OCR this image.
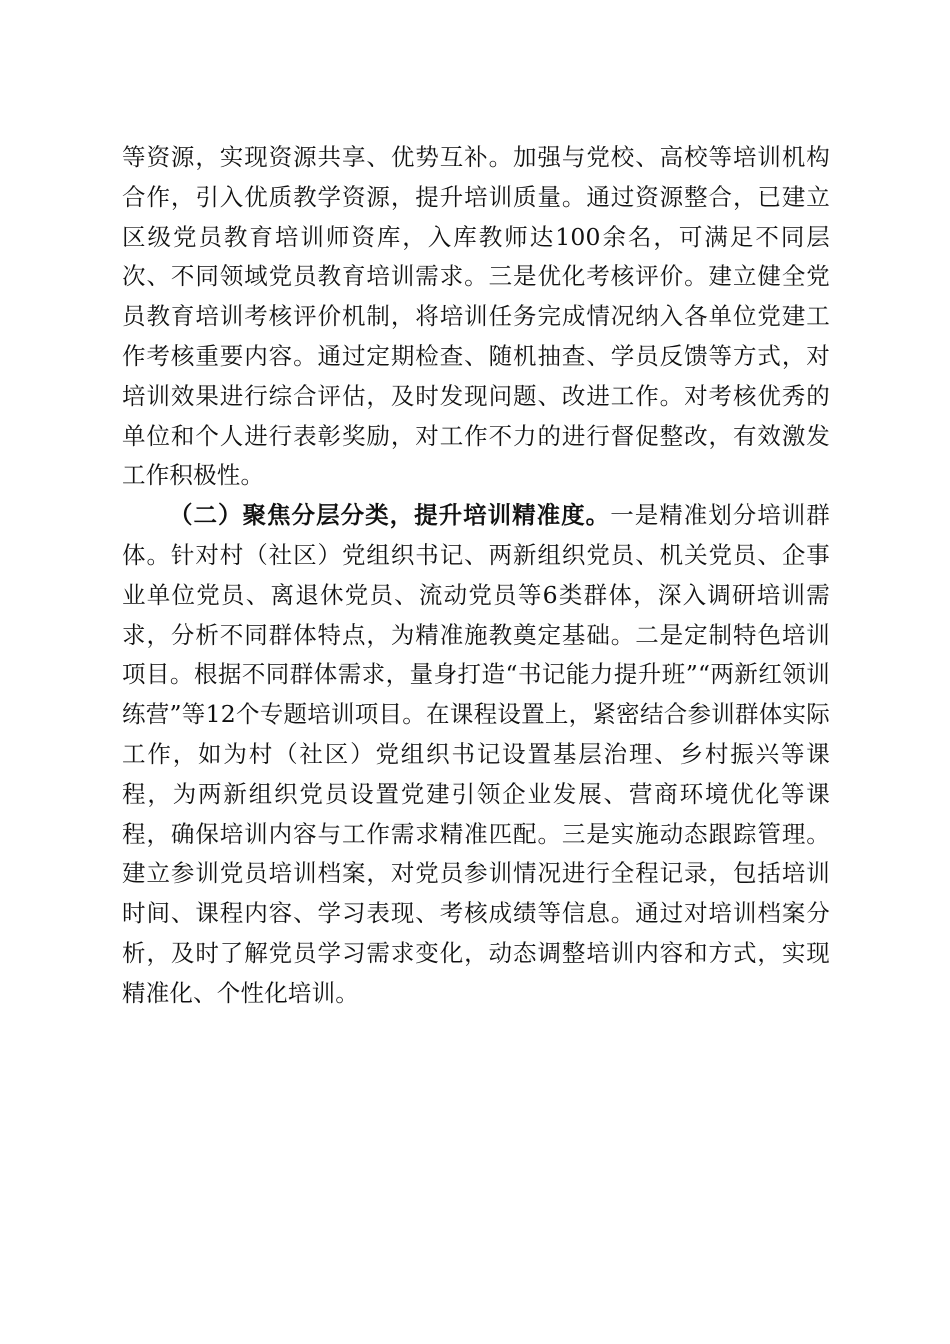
等资源，实现资源共享、优势互补。加强与党校、高校等培训机构合作，引入优质教学资源，提升培训质量。通过资源整合，已建立区级党员教育培训师资库，入库教师达100余名，可满足不同层次、不同领域党员教育培训需求。三是优化考核评价。建立健全党员教育培训考核评价机制，将培训任务完成情况纳入各单位党建工作考核重要内容。通过定期检查、随机抽查、学员反馈等方式，对培训效果进行综合评估，及时发现问题、改进工作。对考核优秀的单位和个人进行表彰奖励，对工作不力的进行督促整改，有效激发工作积极性。

（二）聚焦分层分类，提升培训精准度。一是精准划分培训群体。针对村（社区）党组织书记、两新组织党员、机关党员、企事业单位党员、离退休党员、流动党员等6类群体，深入调研培训需求，分析不同群体特点，为精准施教奠定基础。二是定制特色培训项目。根据不同群体需求，量身打造“书记能力提升班”“两新红领训练营”等12个专题培训项目。在课程设置上，紧密结合参训群体实际工作，如为村（社区）党组织书记设置基层治理、乡村振兴等课程，为两新组织党员设置党建引领企业发展、营商环境优化等课程，确保培训内容与工作需求精准匹配。三是实施动态跟踪管理。建立参训党员培训档案，对党员参训情况进行全程记录，包括培训时间、课程内容、学习表现、考核成绩等信息。通过对培训档案分析，及时了解党员学习需求变化，动态调整培训内容和方式，实现精准化、个性化培训。
